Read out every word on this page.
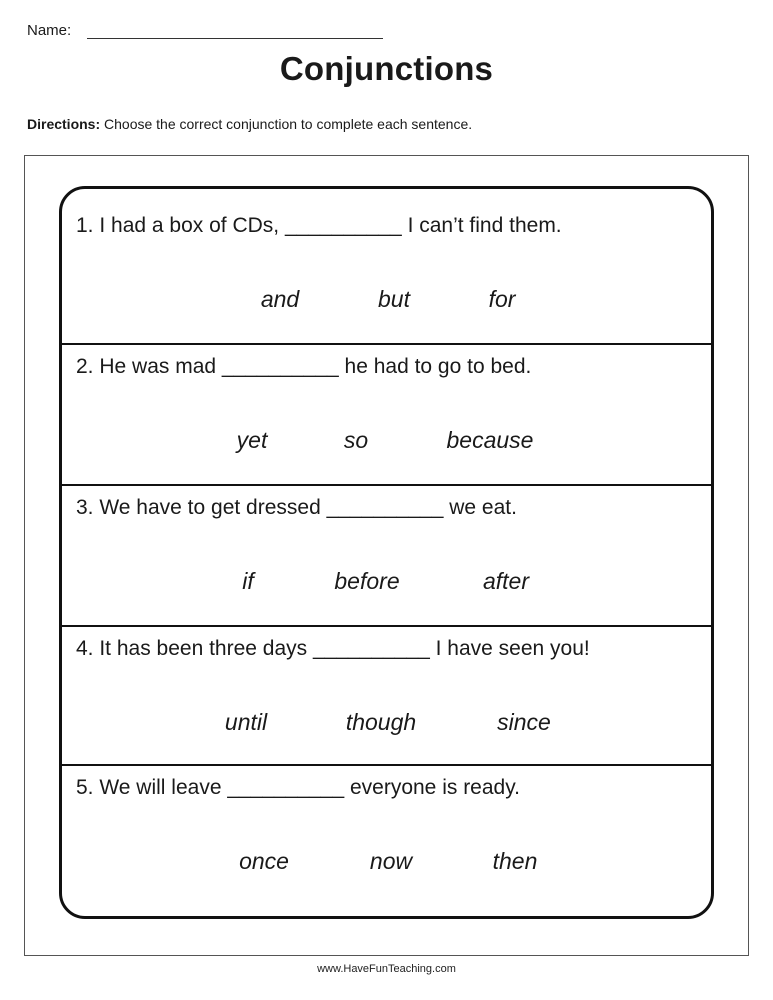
Name:
Conjunctions
Directions: Choose the correct conjunction to complete each sentence.
1. I had a box of CDs, __________ I can’t find them.
and	but	for
2. He was mad __________ he had to go to bed.
yet	so	because
3. We have to get dressed __________ we eat.
if	before	after
4. It has been three days __________ I have seen you!
until	though	since
5. We will leave __________ everyone is ready.
once	now	then
www.HaveFunTeaching.com
